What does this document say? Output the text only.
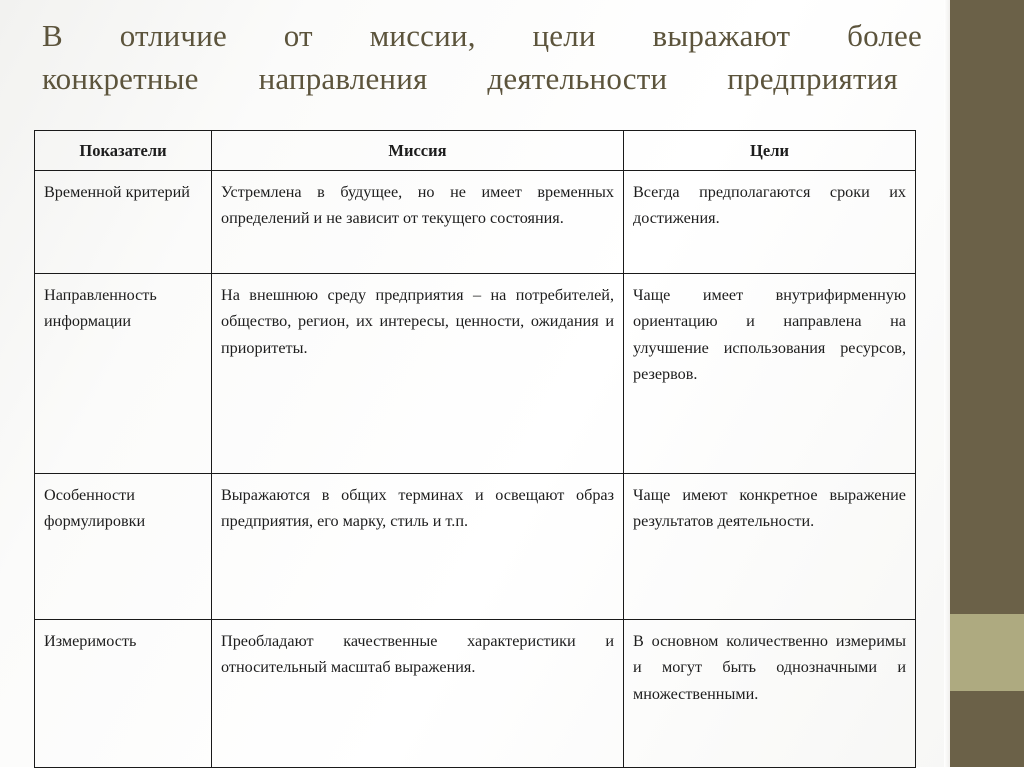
В отличие от миссии, цели выражают более
конкретные направления деятельности предприятия
Показатели	Миссия	Цели
Временной критерий	Устремлена в будущее, но не имеет временных определений и не зависит от текущего состояния.	Всегда предполагаются сроки их достижения.
Направленность информации	На внешнюю среду предприятия – на потребителей, общество, регион, их интересы, ценности, ожидания и приоритеты.	Чаще имеет внутрифирменную ориентацию и направлена на улучшение использования ресурсов, резервов.
Особенности формулировки	Выражаются в общих терминах и освещают образ предприятия, его марку, стиль и т.п.	Чаще имеют конкретное выражение результатов деятельности.
Измеримость	Преобладают качественные характеристики и относительный масштаб выражения.	В основном количественно измеримы и могут быть однозначными и множественными.
